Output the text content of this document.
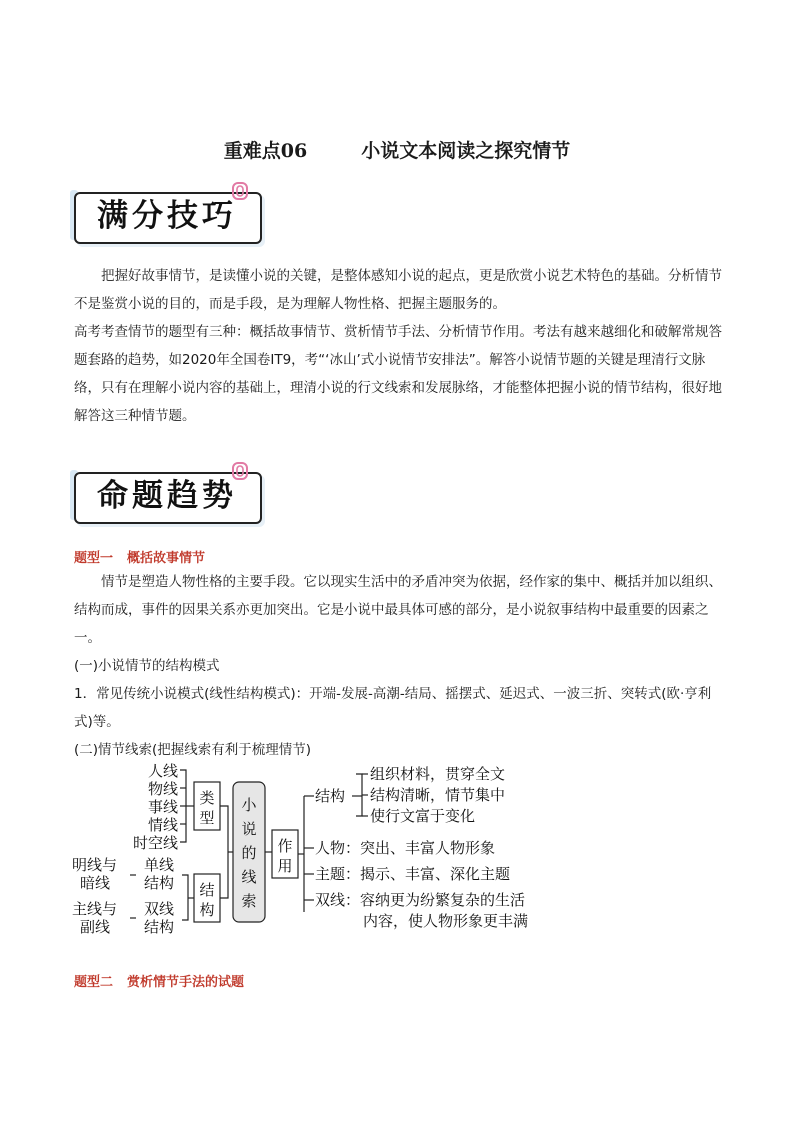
重难点06	小说文本阅读之探究情节
满分技巧

把握好故事情节，是读懂小说的关键，是整体感知小说的起点，更是欣赏小说艺术特色的基础。分析情节不是鉴赏小说的目的，而是手段，是为理解人物性格、把握主题服务的。

高考考查情节的题型有三种：概括故事情节、赏析情节手法、分析情节作用。考法有越来越细化和破解常规答题套路的趋势，如2020年全国卷ⅠT9，考“‘冰山’式小说情节安排法”。解答小说情节题的关键是理清行文脉络，只有在理解小说内容的基础上，理清小说的行文线索和发展脉络，才能整体把握小说的情节结构，很好地解答这三种情节题。

命题趋势
题型一 概括故事情节

情节是塑造人物性格的主要手段。它以现实生活中的矛盾冲突为依据，经作家的集中、概括并加以组织、结构而成，事件的因果关系亦更加突出。它是小说中最具体可感的部分，是小说叙事结构中最重要的因素之一。

(一)小说情节的结构模式
1．常见传统小说模式(线性结构模式)：开端-发展-高潮-结局、摇摆式、延迟式、一波三折、突转式(欧·亨利式)等。
(二)情节线索(把握线索有利于梳理情节)
人线
物线
事线
情线
时空线
类
型
明线与
暗线
主线与
副线
单线
结构
双线
结构
结
构
小
说
的
线
索
作
用
结构
组织材料，贯穿全文
结构清晰，情节集中
使行文富于变化
人物：突出、丰富人物形象
主题：揭示、丰富、深化主题
双线：容纳更为纷繁复杂的生活
内容，使人物形象更丰满
题型二 赏析情节手法的试题
